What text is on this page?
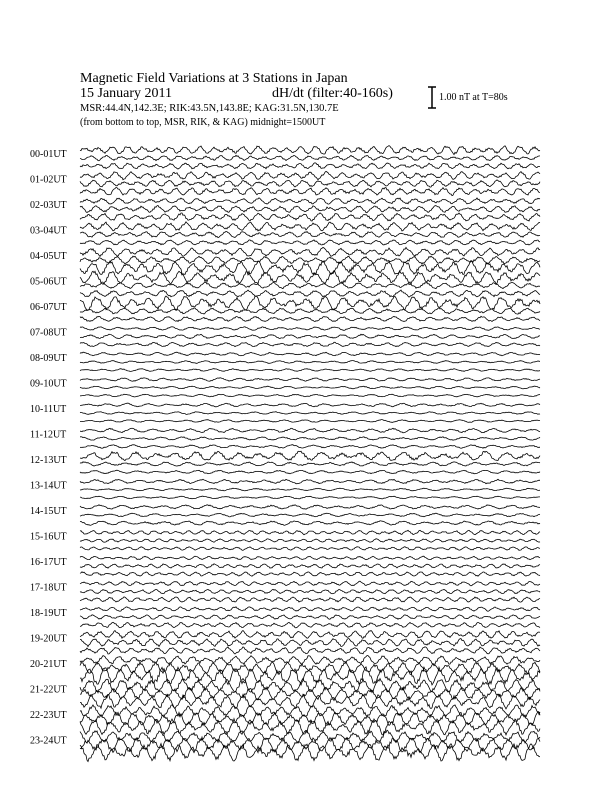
Magnetic Field Variations at 3 Stations in Japan
15 January 2011	dH/dt (filter:40-160s)
MSR:44.4N,142.3E; RIK:43.5N,143.8E; KAG:31.5N,130.7E
(from bottom to top, MSR, RIK, & KAG) midnight=1500UT
1.00 nT at T=80s
00-01UT
01-02UT
02-03UT
03-04UT
04-05UT
05-06UT
06-07UT
07-08UT
08-09UT
09-10UT
10-11UT
11-12UT
12-13UT
13-14UT
14-15UT
15-16UT
16-17UT
17-18UT
18-19UT
19-20UT
20-21UT
21-22UT
22-23UT
23-24UT
